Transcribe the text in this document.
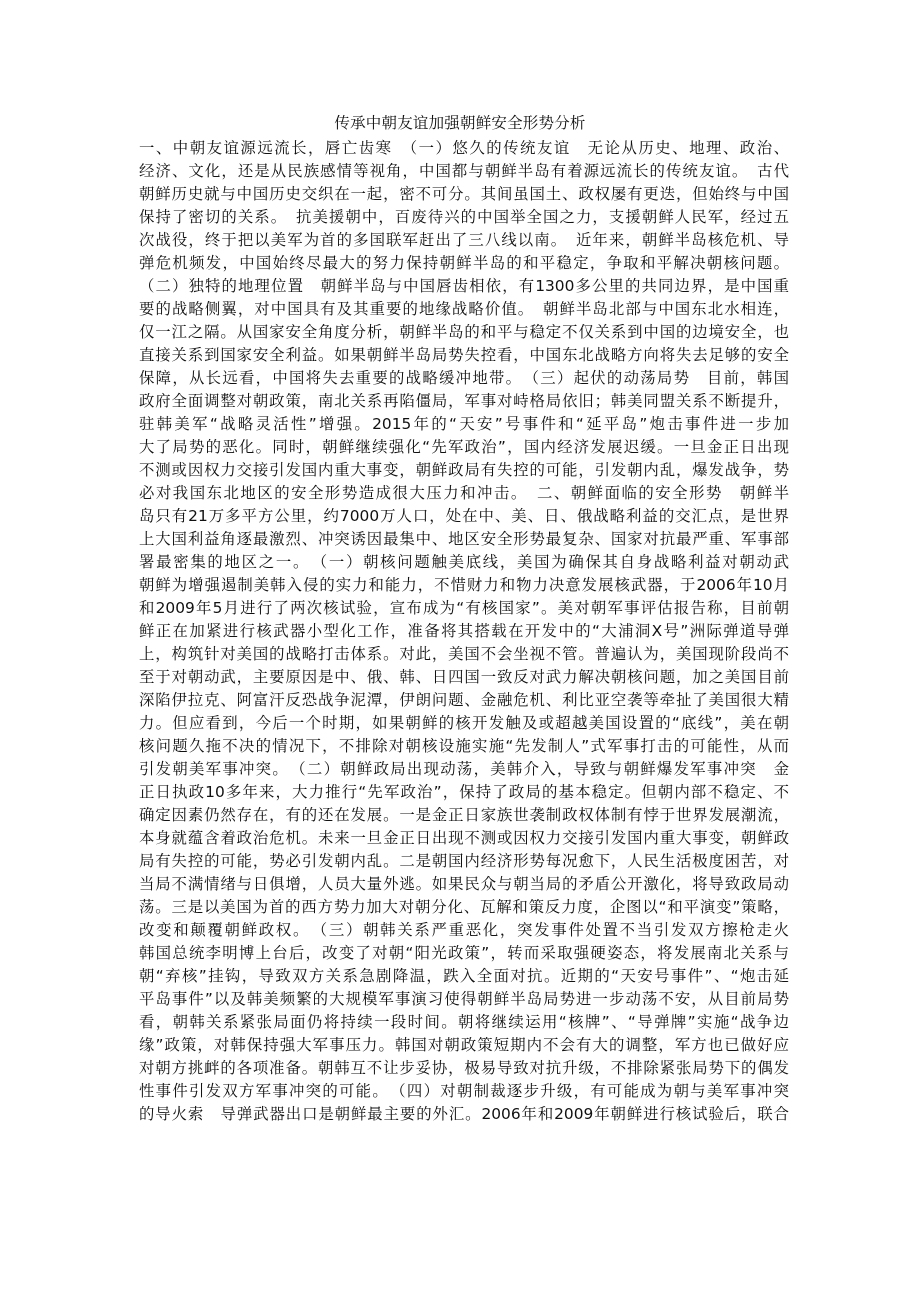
传承中朝友谊加强朝鲜安全形势分析
一、中朝友谊源远流长，唇亡齿寒　（一）悠久的传统友谊　无论从历史、地理、政治、
经济、文化，还是从民族感情等视角，中国都与朝鲜半岛有着源远流长的传统友谊。　古代
朝鲜历史就与中国历史交织在一起，密不可分。其间虽国土、政权屡有更迭，但始终与中国
保持了密切的关系。　抗美援朝中，百废待兴的中国举全国之力，支援朝鲜人民军，经过五
次战役，终于把以美军为首的多国联军赶出了三八线以南。　近年来，朝鲜半岛核危机、导
弹危机频发，中国始终尽最大的努力保持朝鲜半岛的和平稳定，争取和平解决朝核问题。
（二）独特的地理位置　朝鲜半岛与中国唇齿相依，有1300多公里的共同边界，是中国重
要的战略侧翼，对中国具有及其重要的地缘战略价值。　朝鲜半岛北部与中国东北水相连，
仅一江之隔。从国家安全角度分析，朝鲜半岛的和平与稳定不仅关系到中国的边境安全，也
直接关系到国家安全利益。如果朝鲜半岛局势失控看，中国东北战略方向将失去足够的安全
保障，从长远看，中国将失去重要的战略缓冲地带。　（三）起伏的动荡局势　目前，韩国
政府全面调整对朝政策，南北关系再陷僵局，军事对峙格局依旧；韩美同盟关系不断提升，
驻韩美军“战略灵活性”增强。2015年的“天安”号事件和“延平岛”炮击事件进一步加
大了局势的恶化。同时，朝鲜继续强化“先军政治”，国内经济发展迟缓。一旦金正日出现
不测或因权力交接引发国内重大事变，朝鲜政局有失控的可能，引发朝内乱，爆发战争，势
必对我国东北地区的安全形势造成很大压力和冲击。　二、朝鲜面临的安全形势　朝鲜半
岛只有21万多平方公里，约7000万人口，处在中、美、日、俄战略利益的交汇点，是世界
上大国利益角逐最激烈、冲突诱因最集中、地区安全形势最复杂、国家对抗最严重、军事部
署最密集的地区之一。　（一）朝核问题触美底线，美国为确保其自身战略利益对朝动武
朝鲜为增强遏制美韩入侵的实力和能力，不惜财力和物力决意发展核武器，于2006年10月
和2009年5月进行了两次核试验，宣布成为“有核国家”。美对朝军事评估报告称，目前朝
鲜正在加紧进行核武器小型化工作，准备将其搭载在开发中的“大浦洞X号”洲际弹道导弹
上，构筑针对美国的战略打击体系。对此，美国不会坐视不管。普遍认为，美国现阶段尚不
至于对朝动武，主要原因是中、俄、韩、日四国一致反对武力解决朝核问题，加之美国目前
深陷伊拉克、阿富汗反恐战争泥潭，伊朗问题、金融危机、利比亚空袭等牵扯了美国很大精
力。但应看到，今后一个时期，如果朝鲜的核开发触及或超越美国设置的“底线”，美在朝
核问题久拖不决的情况下，不排除对朝核设施实施“先发制人”式军事打击的可能性，从而
引发朝美军事冲突。　（二）朝鲜政局出现动荡，美韩介入，导致与朝鲜爆发军事冲突　金
正日执政10多年来，大力推行“先军政治”，保持了政局的基本稳定。但朝内部不稳定、不
确定因素仍然存在，有的还在发展。一是金正日家族世袭制政权体制有悖于世界发展潮流，
本身就蕴含着政治危机。未来一旦金正日出现不测或因权力交接引发国内重大事变，朝鲜政
局有失控的可能，势必引发朝内乱。二是朝国内经济形势每况愈下，人民生活极度困苦，对
当局不满情绪与日俱增，人员大量外逃。如果民众与朝当局的矛盾公开激化，将导致政局动
荡。三是以美国为首的西方势力加大对朝分化、瓦解和策反力度，企图以“和平演变”策略，
改变和颠覆朝鲜政权。　（三）朝韩关系严重恶化，突发事件处置不当引发双方擦枪走火
韩国总统李明博上台后，改变了对朝“阳光政策”，转而采取强硬姿态，将发展南北关系与
朝“弃核”挂钩，导致双方关系急剧降温，跌入全面对抗。近期的“天安号事件”、“炮击延
平岛事件”以及韩美频繁的大规模军事演习使得朝鲜半岛局势进一步动荡不安，从目前局势
看，朝韩关系紧张局面仍将持续一段时间。朝将继续运用“核牌”、“导弹牌”实施“战争边
缘”政策，对韩保持强大军事压力。韩国对朝政策短期内不会有大的调整，军方也已做好应
对朝方挑衅的各项准备。朝韩互不让步妥协，极易导致对抗升级，不排除紧张局势下的偶发
性事件引发双方军事冲突的可能。　（四）对朝制裁逐步升级，有可能成为朝与美军事冲突
的导火索　导弹武器出口是朝鲜最主要的外汇。2006年和2009年朝鲜进行核试验后，联合
